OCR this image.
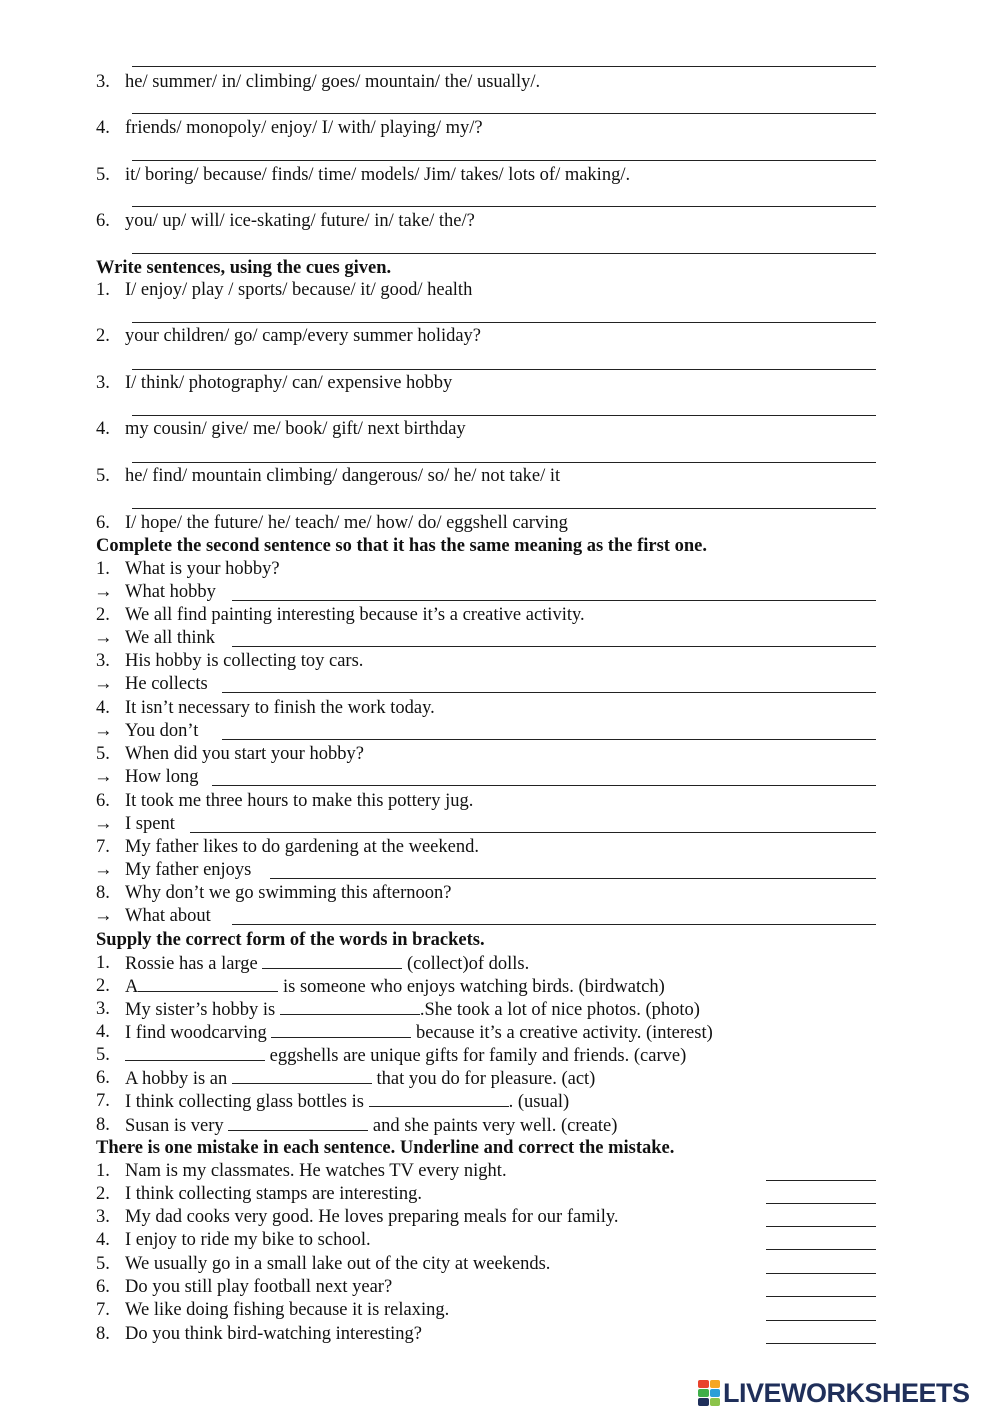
3. he/ summer/ in/ climbing/ goes/ mountain/ the/ usually/.
4. friends/ monopoly/ enjoy/ I/ with/ playing/ my/?
5. it/ boring/ because/ finds/ time/ models/ Jim/ takes/ lots of/ making/.
6. you/ up/ will/ ice-skating/ future/ in/ take/ the/?
Write sentences, using the cues given.
1. I/ enjoy/ play / sports/ because/ it/ good/ health
2. your children/ go/ camp/every summer holiday?
3. I/ think/ photography/ can/ expensive hobby
4. my cousin/ give/ me/ book/ gift/ next birthday
5. he/ find/ mountain climbing/ dangerous/ so/ he/ not take/ it
6. I/ hope/ the future/ he/ teach/ me/ how/ do/ eggshell carving
Complete the second sentence so that it has the same meaning as the first one.
1. What is your hobby?
→ What hobby
2. We all find painting interesting because it’s a creative activity.
→ We all think
3. His hobby is collecting toy cars.
→ He collects
4. It isn’t necessary to finish the work today.
→ You don’t
5. When did you start your hobby?
→ How long
6. It took me three hours to make this pottery jug.
→ I spent
7. My father likes to do gardening at the weekend.
→ My father enjoys
8. Why don’t we go swimming this afternoon?
→ What about
Supply the correct form of the words in brackets.
1. Rossie has a large	(collect)of dolls.
2. A	is someone who enjoys watching birds. (birdwatch)
3. My sister’s hobby is	.She took a lot of nice photos. (photo)
4. I find woodcarving	because it’s a creative activity. (interest)
5.	eggshells are unique gifts for family and friends. (carve)
6. A hobby is an	that you do for pleasure. (act)
7. I think collecting glass bottles is	. (usual)
8. Susan is very	and she paints very well. (create)
There is one mistake in each sentence. Underline and correct the mistake.
1. Nam is my classmates. He watches TV every night.
2. I think collecting stamps are interesting.
3. My dad cooks very good. He loves preparing meals for our family.
4. I enjoy to ride my bike to school.
5. We usually go in a small lake out of the city at weekends.
6. Do you still play football next year?
7. We like doing fishing because it is relaxing.
8. Do you think bird-watching interesting?
LIVEWORKSHEETS
